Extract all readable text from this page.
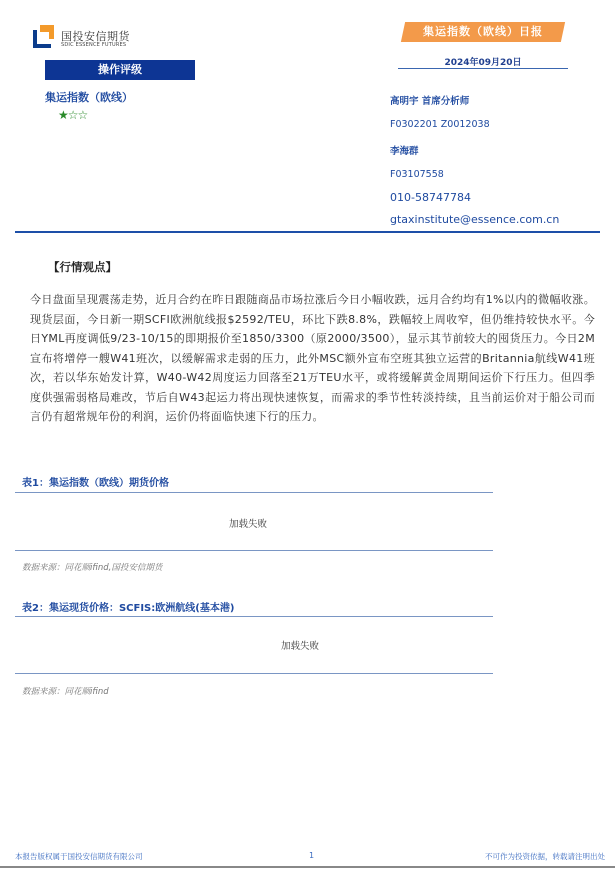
国投安信期货
SDIC ESSENCE FUTURES
操作评级
集运指数（欧线）
★☆☆
集运指数（欧线）日报
2024年09月20日
高明宇 首席分析师
F0302201 Z0012038
李海群
F03107558
010-58747784
gtaxinstitute@essence.com.cn
【行情观点】
今日盘面呈现震荡走势，近月合约在昨日跟随商品市场拉涨后今日小幅收跌，远月合约均有1%以内的微幅收涨。现货层面，今日新一期SCFI欧洲航线报$2592/TEU，环比下跌8.8%，跌幅较上周收窄，但仍维持较快水平。今日YML再度调低9/23-10/15的即期报价至1850/3300（原2000/3500），显示其节前较大的囤货压力。今日2M宣布将增停一艘W41班次，以缓解需求走弱的压力，此外MSC额外宣布空班其独立运营的Britannia航线W41班次，若以华东始发计算，W40-W42周度运力回落至21万TEU水平，或将缓解黄金周期间运价下行压力。但四季度供强需弱格局难改，节后自W43起运力将出现快速恢复，而需求的季节性转淡持续，且当前运价对于船公司而言仍有超常规年份的利润，运价仍将面临快速下行的压力。
表1：集运指数（欧线）期货价格
加载失败
数据来源：同花顺ifind,国投安信期货
表2：集运现货价格：SCFIS:欧洲航线(基本港)
加载失败
数据来源：同花顺ifind
本报告版权属于国投安信期货有限公司	1	不可作为投资依据，转载请注明出处
